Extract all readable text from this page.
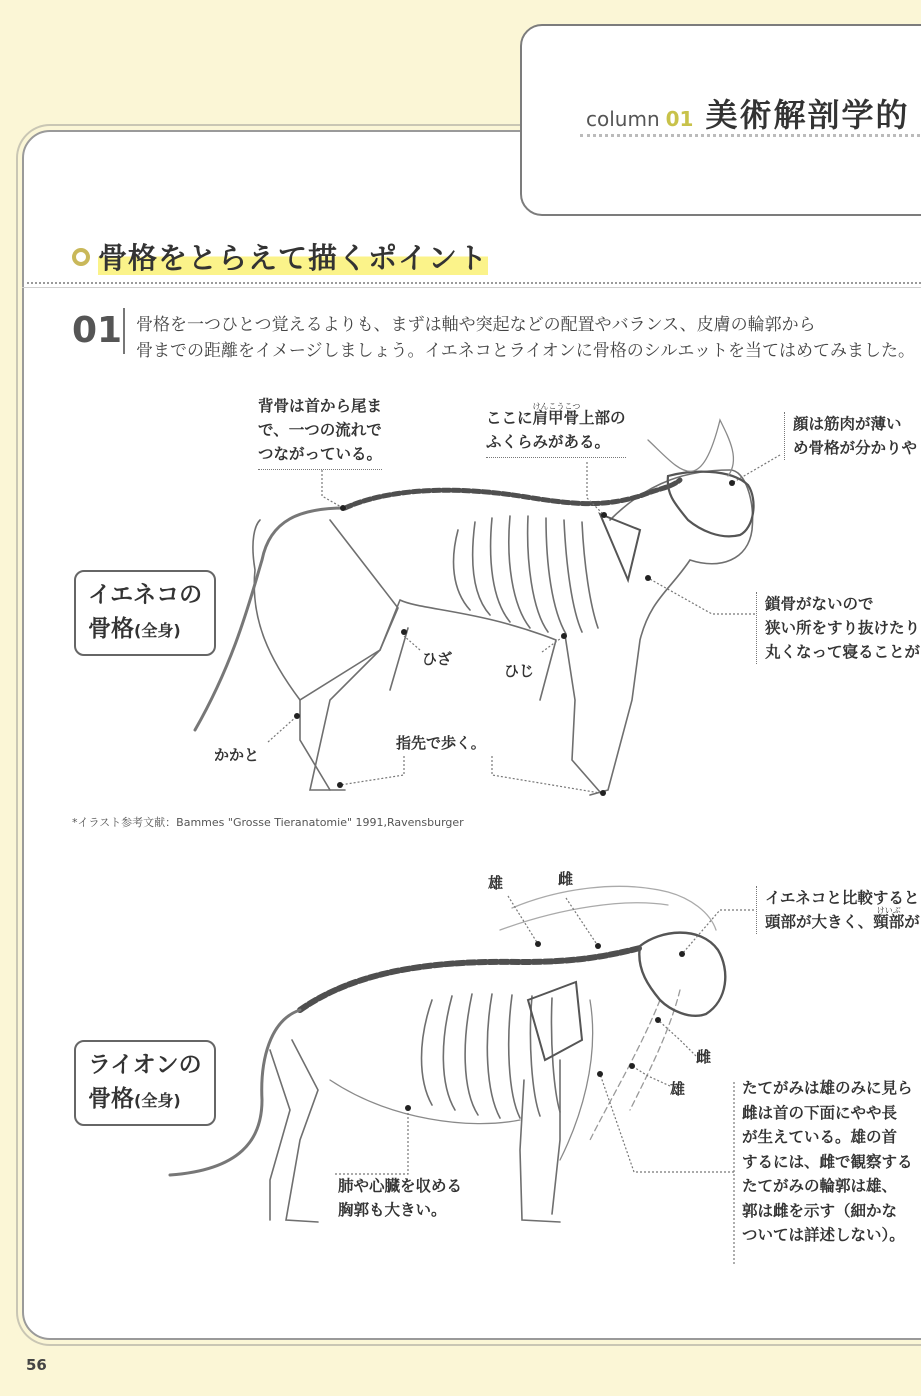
column 01 美術解剖学的
骨格をとらえて描くポイント
01 骨格を一つひとつ覚えるよりも、まずは軸や突起などの配置やバランス、皮膚の輪郭から
骨までの距離をイメージしましょう。イエネコとライオンに骨格のシルエットを当てはめてみました。
背骨は首から尾ま
で、一つの流れで
つながっている。
ここに
けんこうこつ
肩甲骨上部の
ふくらみがある。
顔は筋肉が薄い
め骨格が分かりや
鎖骨がないので
狭い所をすり抜けたり
丸くなって寝ることが
ひざ
ひじ
かかと
指先で歩く。
イエネコの
骨格(全身)
*イラスト参考文献：Bammes "Grosse Tieranatomie" 1991,Ravensburger
雄	雌
イエネコと比較すると
頭部が大きく、
けいぶ
頸部が
雌
雄	たてがみは雄のみに見ら
雌は首の下面にやや長
が生えている。雄の首
するには、雌で観察する
たてがみの輪郭は雄、
郭は雌を示す（細かな
ついては詳述しない）。
肺や心臓を収める
胸郭も大きい。
ライオンの
骨格(全身)
56
